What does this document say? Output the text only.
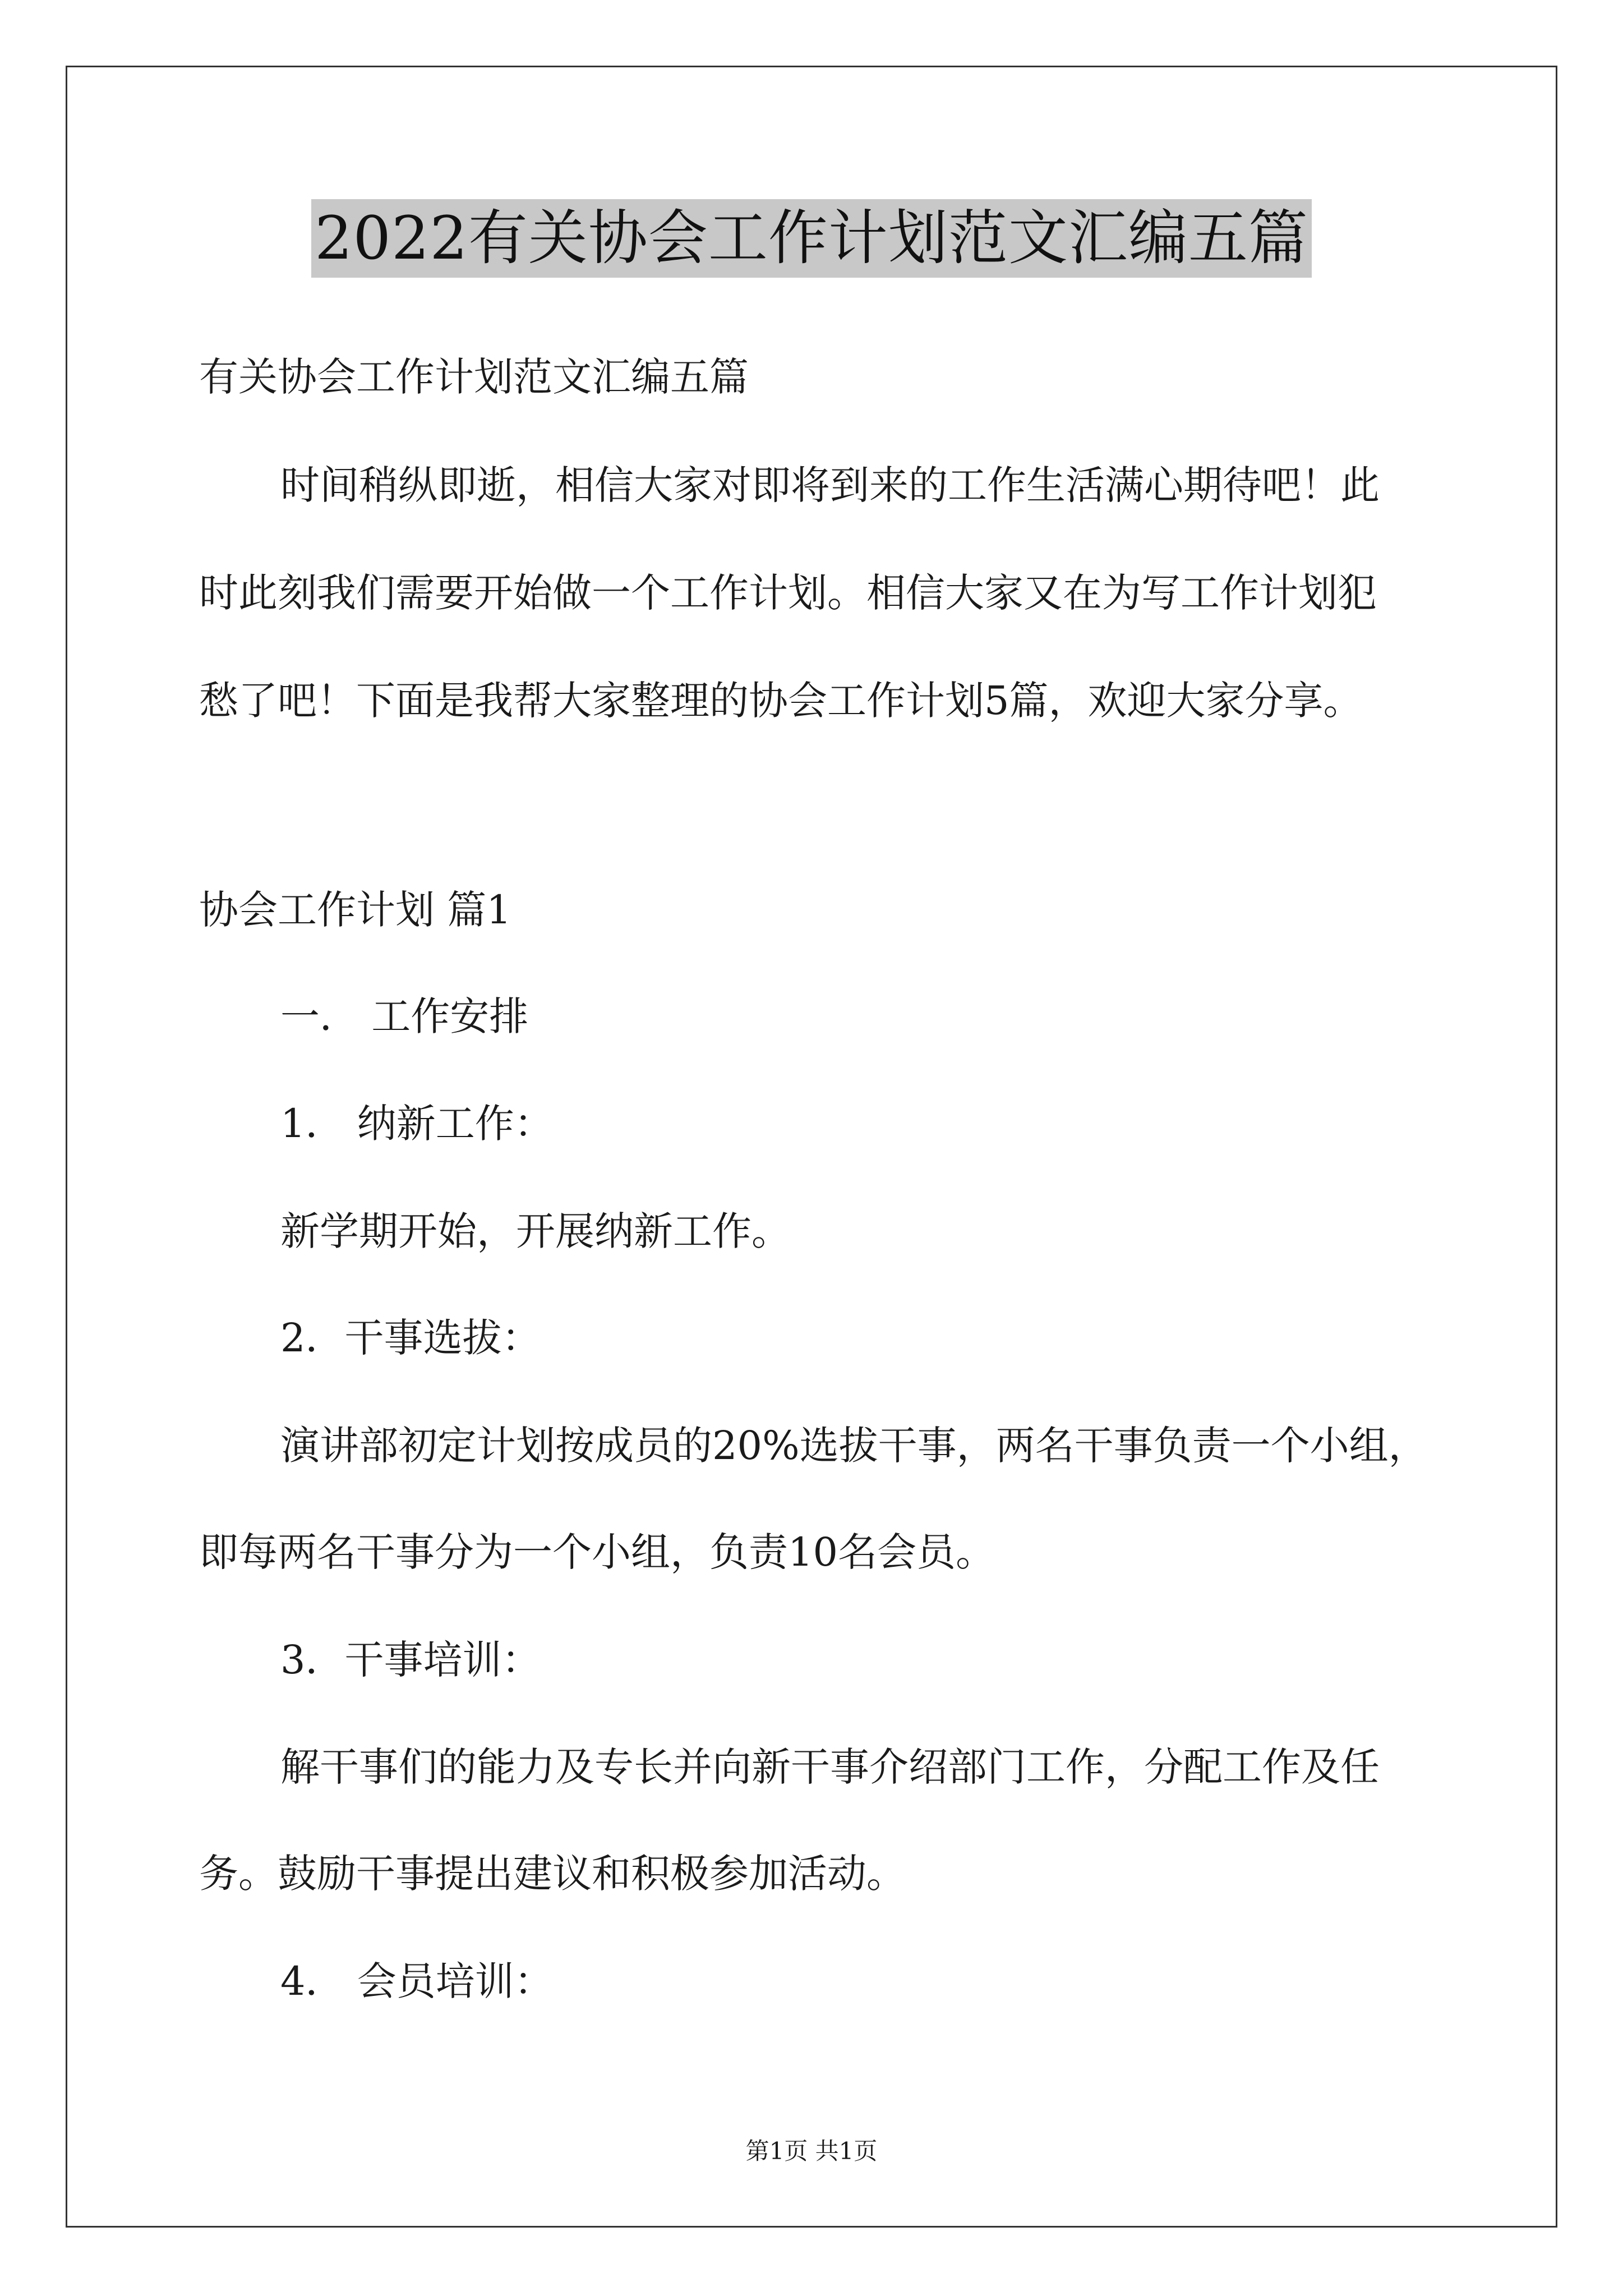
2022有关协会工作计划范文汇编五篇
有关协会工作计划范文汇编五篇
时间稍纵即逝，相信大家对即将到来的工作生活满心期待吧！此
时此刻我们需要开始做一个工作计划。相信大家又在为写工作计划犯
愁了吧！下面是我帮大家整理的协会工作计划5篇，欢迎大家分享。
协会工作计划 篇1
一． 工作安排
1． 纳新工作：
新学期开始，开展纳新工作。
2．干事选拔：
演讲部初定计划按成员的20%选拔干事，两名干事负责一个小组，
即每两名干事分为一个小组，负责10名会员。
3．干事培训：
解干事们的能力及专长并向新干事介绍部门工作，分配工作及任
务。鼓励干事提出建议和积极参加活动。
4． 会员培训：
第1页 共1页
